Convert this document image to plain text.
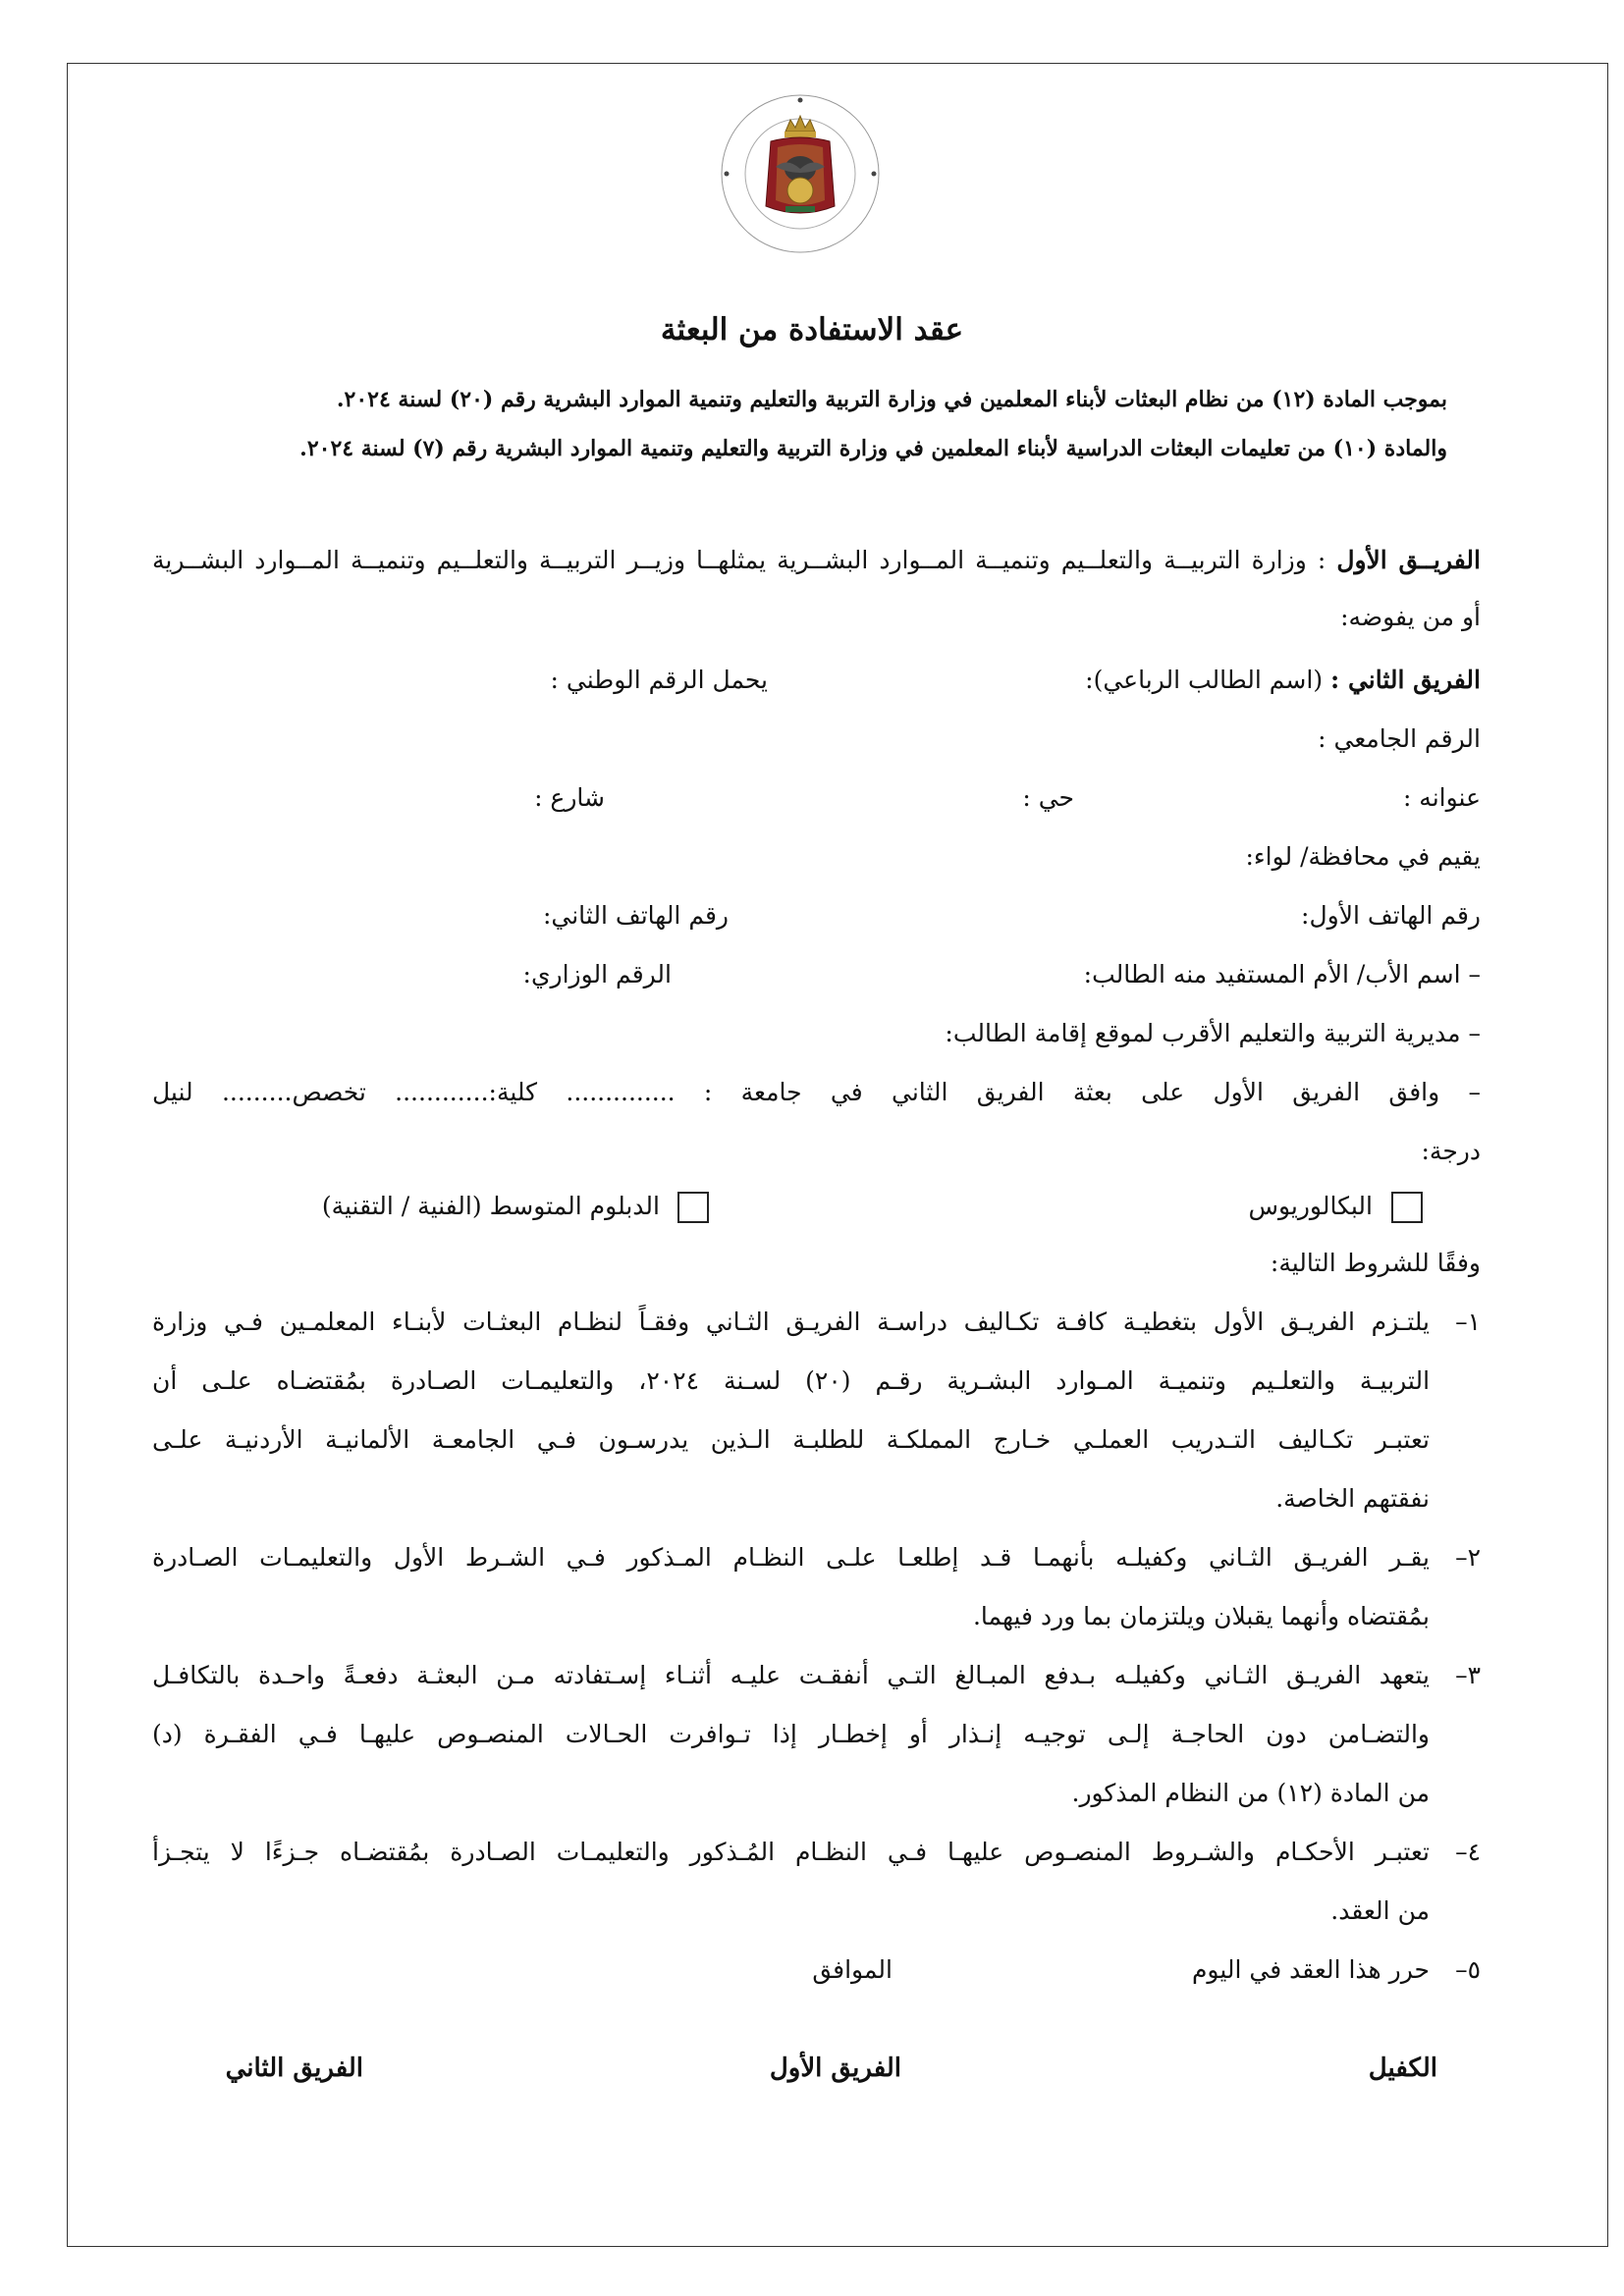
عقد الاستفادة من البعثة
بموجب المادة (١٢) من نظام البعثات لأبناء المعلمين في وزارة التربية والتعليم وتنمية الموارد البشرية رقم (٢٠) لسنة ٢٠٢٤.
والمادة (١٠) من تعليمات البعثات الدراسية لأبناء المعلمين في وزارة التربية والتعليم وتنمية الموارد البشرية رقم (٧) لسنة ٢٠٢٤.
الفريــق الأول : وزارة التربيــة والتعلــيم وتنميــة المــوارد البشــرية يمثلهــا وزيــر التربيــة والتعلــيم وتنميــة المــوارد البشــرية
أو من يفوضه:
الفريق الثاني : (اسم الطالب الرباعي):
يحمل الرقم الوطني :
الرقم الجامعي :
عنوانه :
حي :
شارع :
يقيم في محافظة/ لواء:
رقم الهاتف الأول:
رقم الهاتف الثاني:
– اسم الأب/ الأم المستفيد منه الطالب:
الرقم الوزاري:
– مديرية التربية والتعليم الأقرب لموقع إقامة الطالب:
– وافق الفريق الأول على بعثة الفريق الثاني في جامعة : .............. كلية:............ تخصص......... لنيل
درجة:
البكالوريوس
الدبلوم المتوسط (الفنية / التقنية)
وفقًا للشروط التالية:
١–
يلتـزم الفريـق الأول بتغطيـة كافـة تكـاليف دراسـة الفريـق الثـاني وفقـاً لنظـام البعثـات لأبنـاء المعلمـين فـي وزارة
التربيـة والتعلـيم وتنميـة المـوارد البشـرية رقـم (٢٠) لسـنة ٢٠٢٤، والتعليمـات الصـادرة بمُقتضـاه علـى أن
تعتبـر تكـاليف التـدريب العملـي خـارج المملكـة للطلبـة الـذين يدرسـون فـي الجامعـة الألمانيـة الأردنيـة علـى
نفقتهم الخاصة.
٢–
يقـر الفريـق الثـاني وكفيلـه بأنهمـا قـد إطلعـا علـى النظـام المـذكور فـي الشـرط الأول والتعليمـات الصـادرة
بمُقتضاه وأنهما يقبلان ويلتزمان بما ورد فيهما.
٣–
يتعهد الفريـق الثـاني وكفيلـه بـدفع المبـالغ التـي أنفقـت عليـه أثنـاء إسـتفادته مـن البعثـة دفعـةً واحـدة بالتكافـل
والتضـامن دون الحاجـة إلـى توجيـه إنـذار أو إخطـار إذا تـوافرت الحـالات المنصـوص عليهـا فـي الفقـرة (د)
من المادة (١٢) من النظام المذكور.
٤–
تعتبـر الأحكـام والشـروط المنصـوص عليهـا فـي النظـام المُـذكور والتعليمـات الصـادرة بمُقتضـاه جـزءًا لا يتجـزأ
من العقد.
٥–
حرر هذا العقد في اليوم
الموافق
الكفيل
الفريق الأول
الفريق الثاني
